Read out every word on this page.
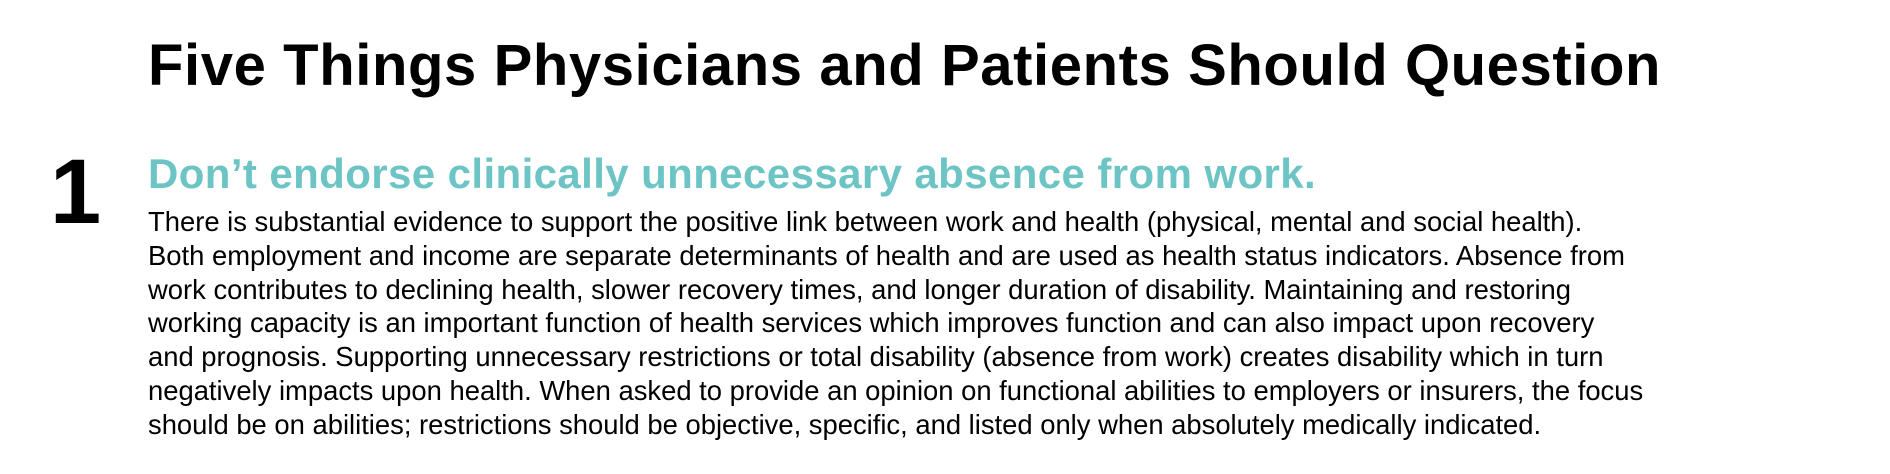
Five Things Physicians and Patients Should Question
1 Don’t endorse clinically unnecessary absence from work.

There is substantial evidence to support the positive link between work and health (physical, mental and social health).
Both employment and income are separate determinants of health and are used as health status indicators. Absence from
work contributes to declining health, slower recovery times, and longer duration of disability. Maintaining and restoring
working capacity is an important function of health services which improves function and can also impact upon recovery
and prognosis. Supporting unnecessary restrictions or total disability (absence from work) creates disability which in turn
negatively impacts upon health. When asked to provide an opinion on functional abilities to employers or insurers, the focus
should be on abilities; restrictions should be objective, specific, and listed only when absolutely medically indicated.
